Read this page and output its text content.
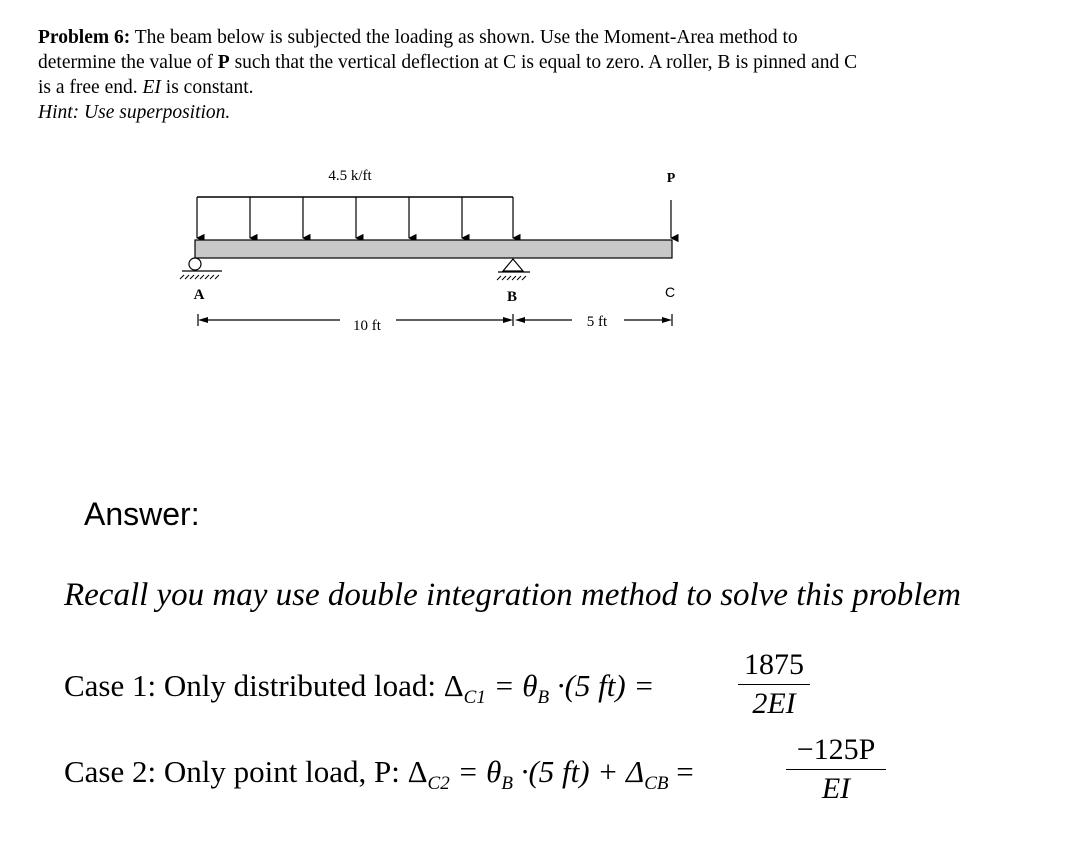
Problem 6: The beam below is subjected the loading as shown. Use the Moment-Area method to determine the value of P such that the vertical deflection at C is equal to zero. A roller, B is pinned and C is a free end. EI is constant.

Hint: Use superposition.

4.5 k/ft	P
A	B	C
10 ft	5 ft
Answer:
Recall you may use double integration method to solve this problem
Case 1: Only distributed load: $\Delta_{C1} = \theta_B \cdot(5$ ft) =	$\frac{1875}{2EI}$
Case 2: Only point load, P: $\Delta_{C2} = \theta_B \cdot(5$ $ft) + \Delta_{CB}$ =	$\frac{-125P}{EI}$
